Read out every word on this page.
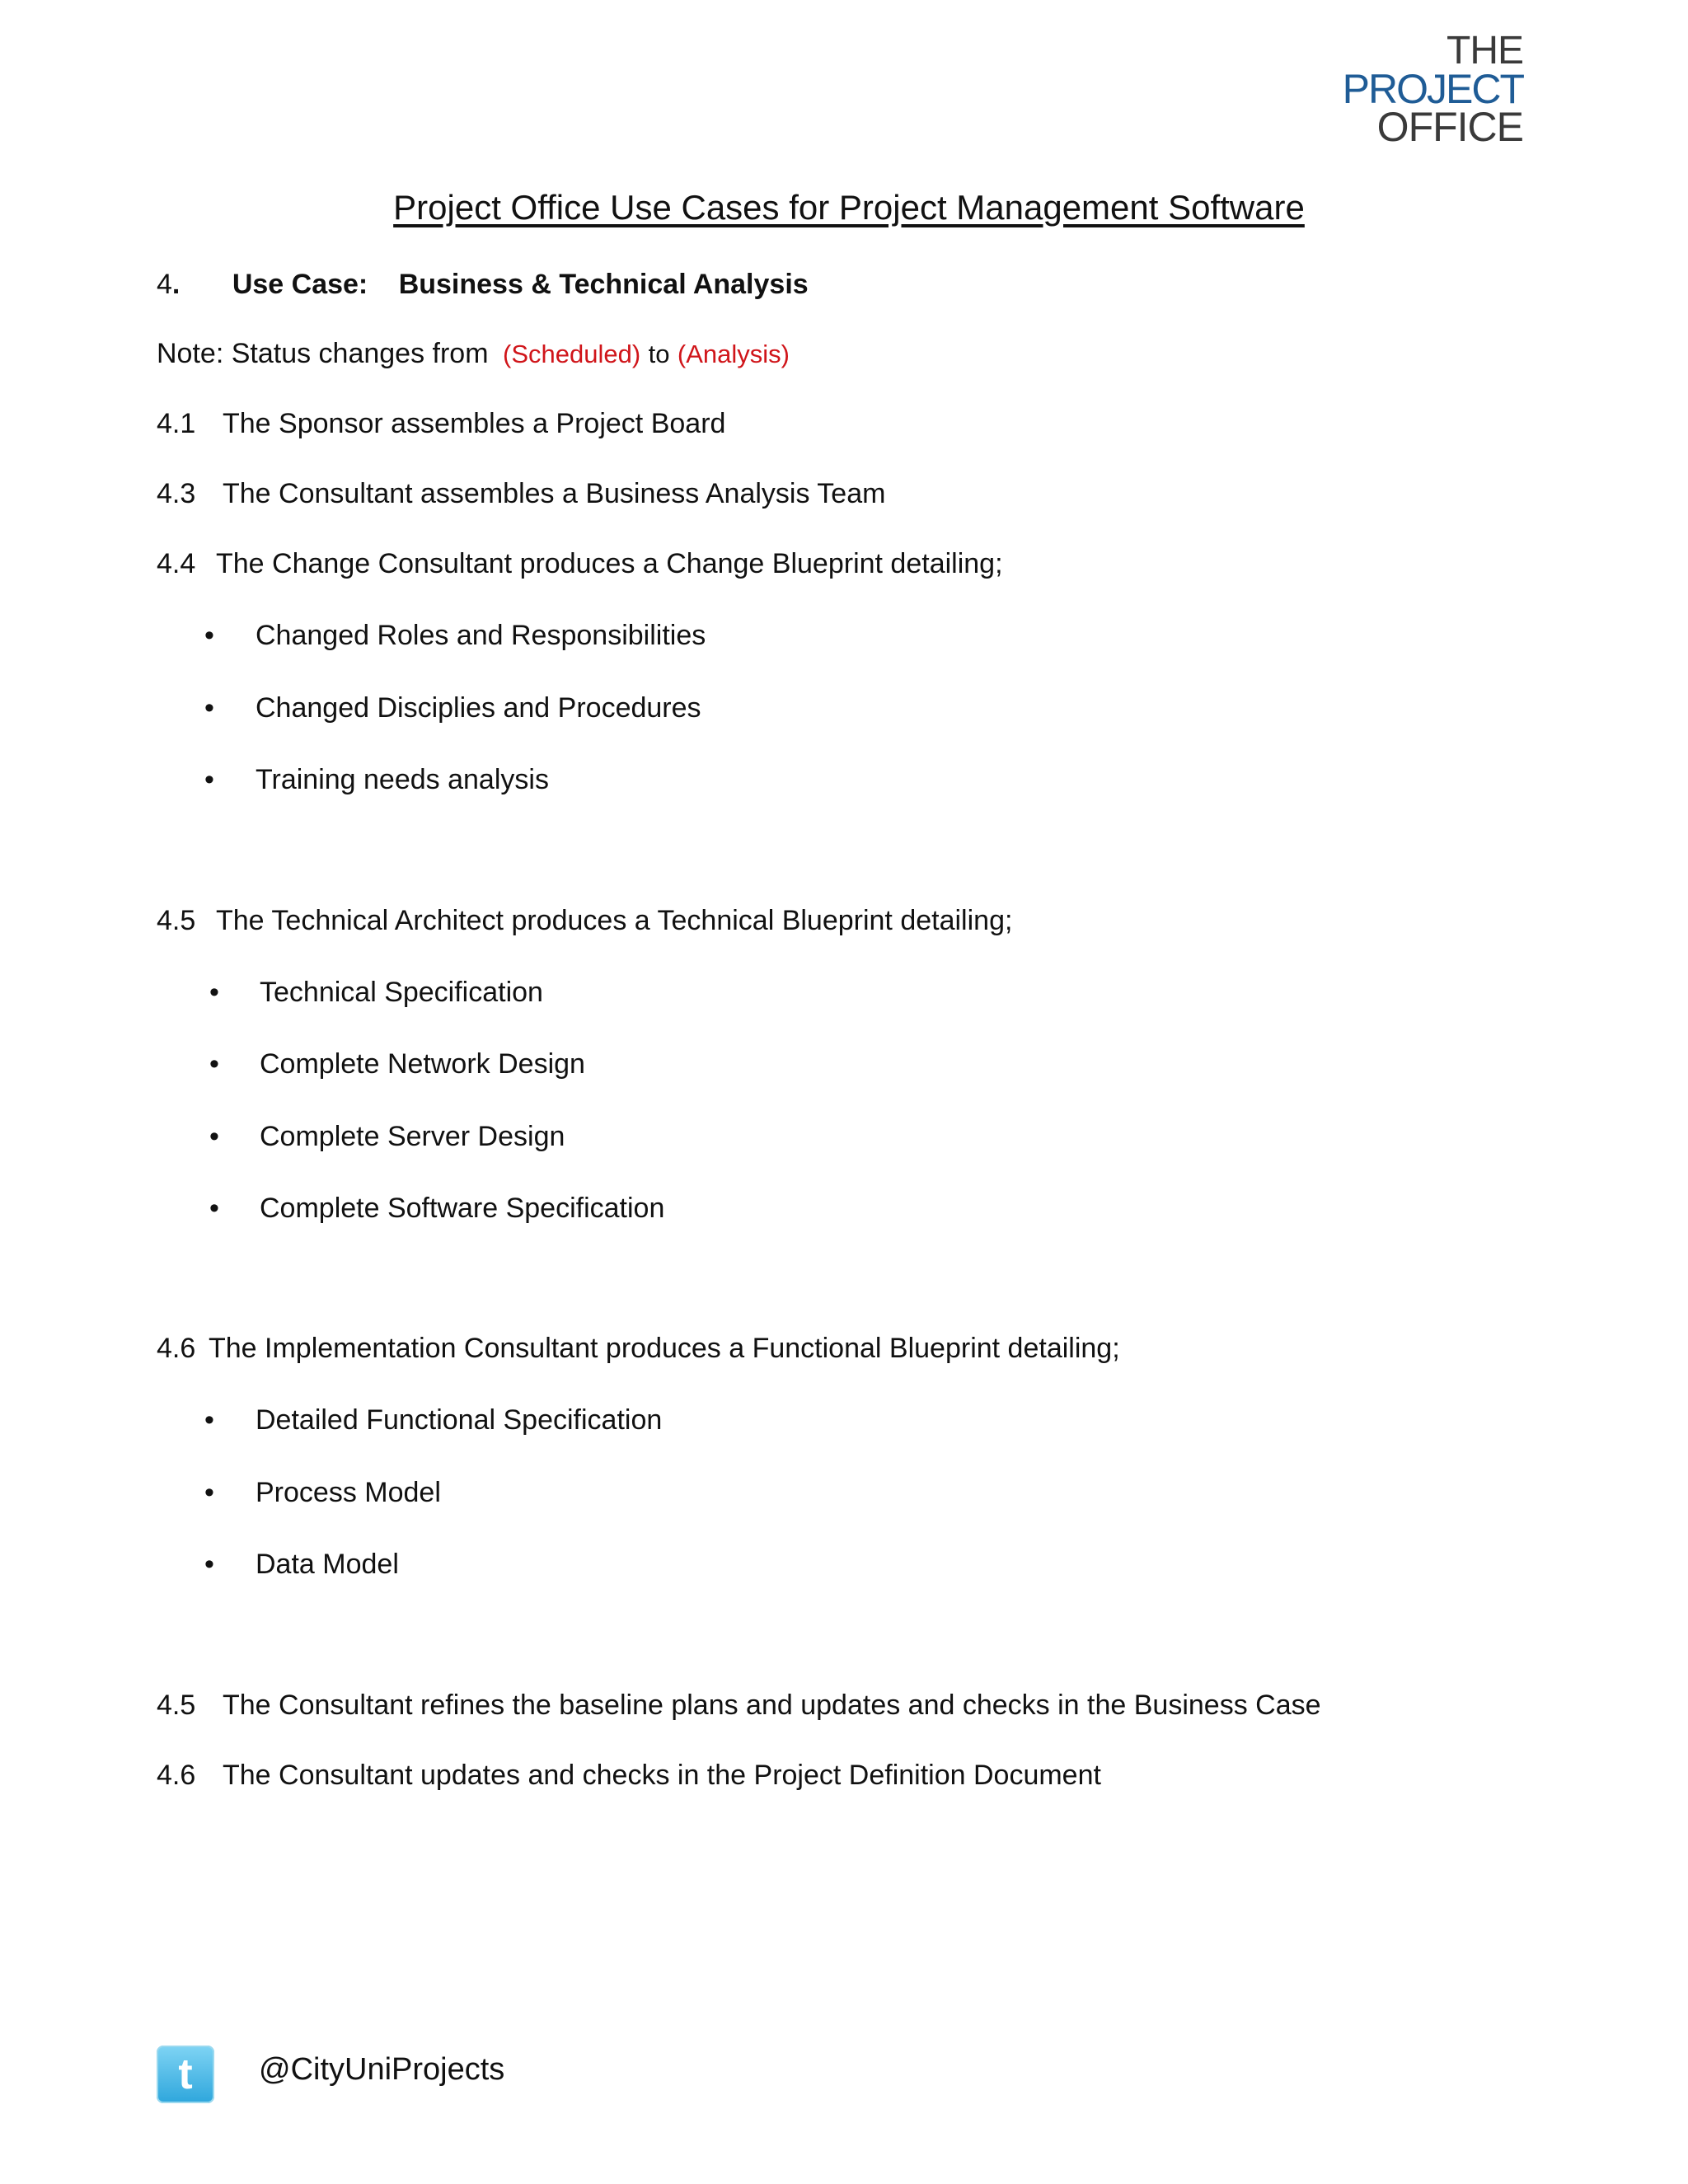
THE
PROJECT
OFFICE
Project Office Use Cases for Project Management Software
4. Use Case: Business & Technical Analysis
Note: Status changes from (Scheduled) to (Analysis)
4.1 The Sponsor assembles a Project Board
4.3 The Consultant assembles a Business Analysis Team
4.4 The Change Consultant produces a Change Blueprint detailing;
• Changed Roles and Responsibilities
• Changed Disciplies and Procedures
• Training needs analysis
4.5 The Technical Architect produces a Technical Blueprint detailing;
• Technical Specification
• Complete Network Design
• Complete Server Design
• Complete Software Specification
4.6 The Implementation Consultant produces a Functional Blueprint detailing;
• Detailed Functional Specification
• Process Model
• Data Model
4.5 The Consultant refines the baseline plans and updates and checks in the Business Case
4.6 The Consultant updates and checks in the Project Definition Document
t	@CityUniProjects
